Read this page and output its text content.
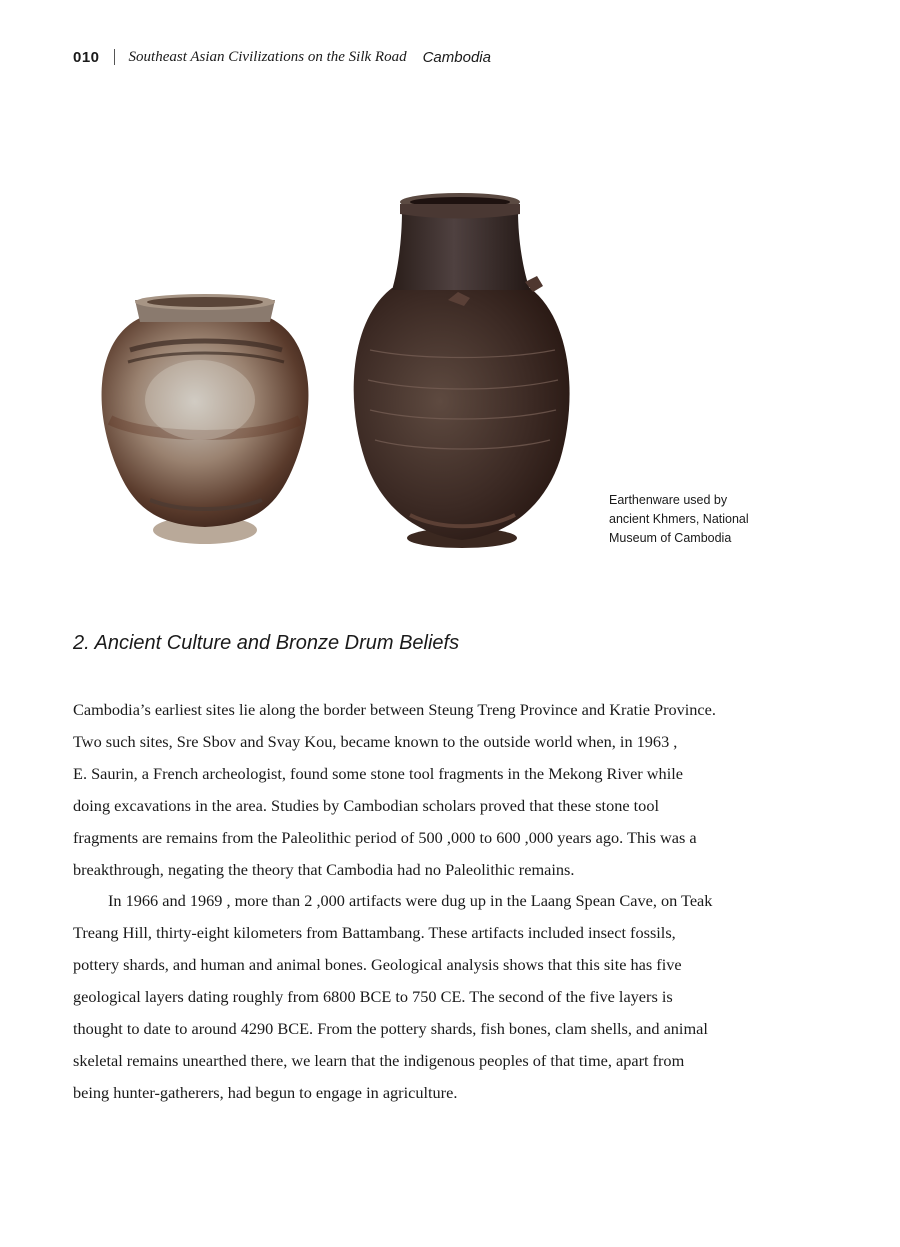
010 Southeast Asian Civilizations on the Silk Road Cambodia
Earthenware used by
ancient Khmers, National
Museum of Cambodia
2. Ancient Culture and Bronze Drum Beliefs
Cambodia’s earliest sites lie along the border between Steung Treng Province and Kratie Province.
Two such sites, Sre Sbov and Svay Kou, became known to the outside world when, in 1963 ,
E. Saurin, a French archeologist, found some stone tool fragments in the Mekong River while
doing excavations in the area. Studies by Cambodian scholars proved that these stone tool
fragments are remains from the Paleolithic period of 500 ,000 to 600 ,000 years ago. This was a
breakthrough, negating the theory that Cambodia had no Paleolithic remains.
In 1966 and 1969 , more than 2 ,000 artifacts were dug up in the Laang Spean Cave, on Teak
Treang Hill, thirty-eight kilometers from Battambang. These artifacts included insect fossils,
pottery shards, and human and animal bones. Geological analysis shows that this site has five
geological layers dating roughly from 6800 BCE to 750 CE. The second of the five layers is
thought to date to around 4290 BCE. From the pottery shards, fish bones, clam shells, and animal
skeletal remains unearthed there, we learn that the indigenous peoples of that time, apart from
being hunter-gatherers, had begun to engage in agriculture.
